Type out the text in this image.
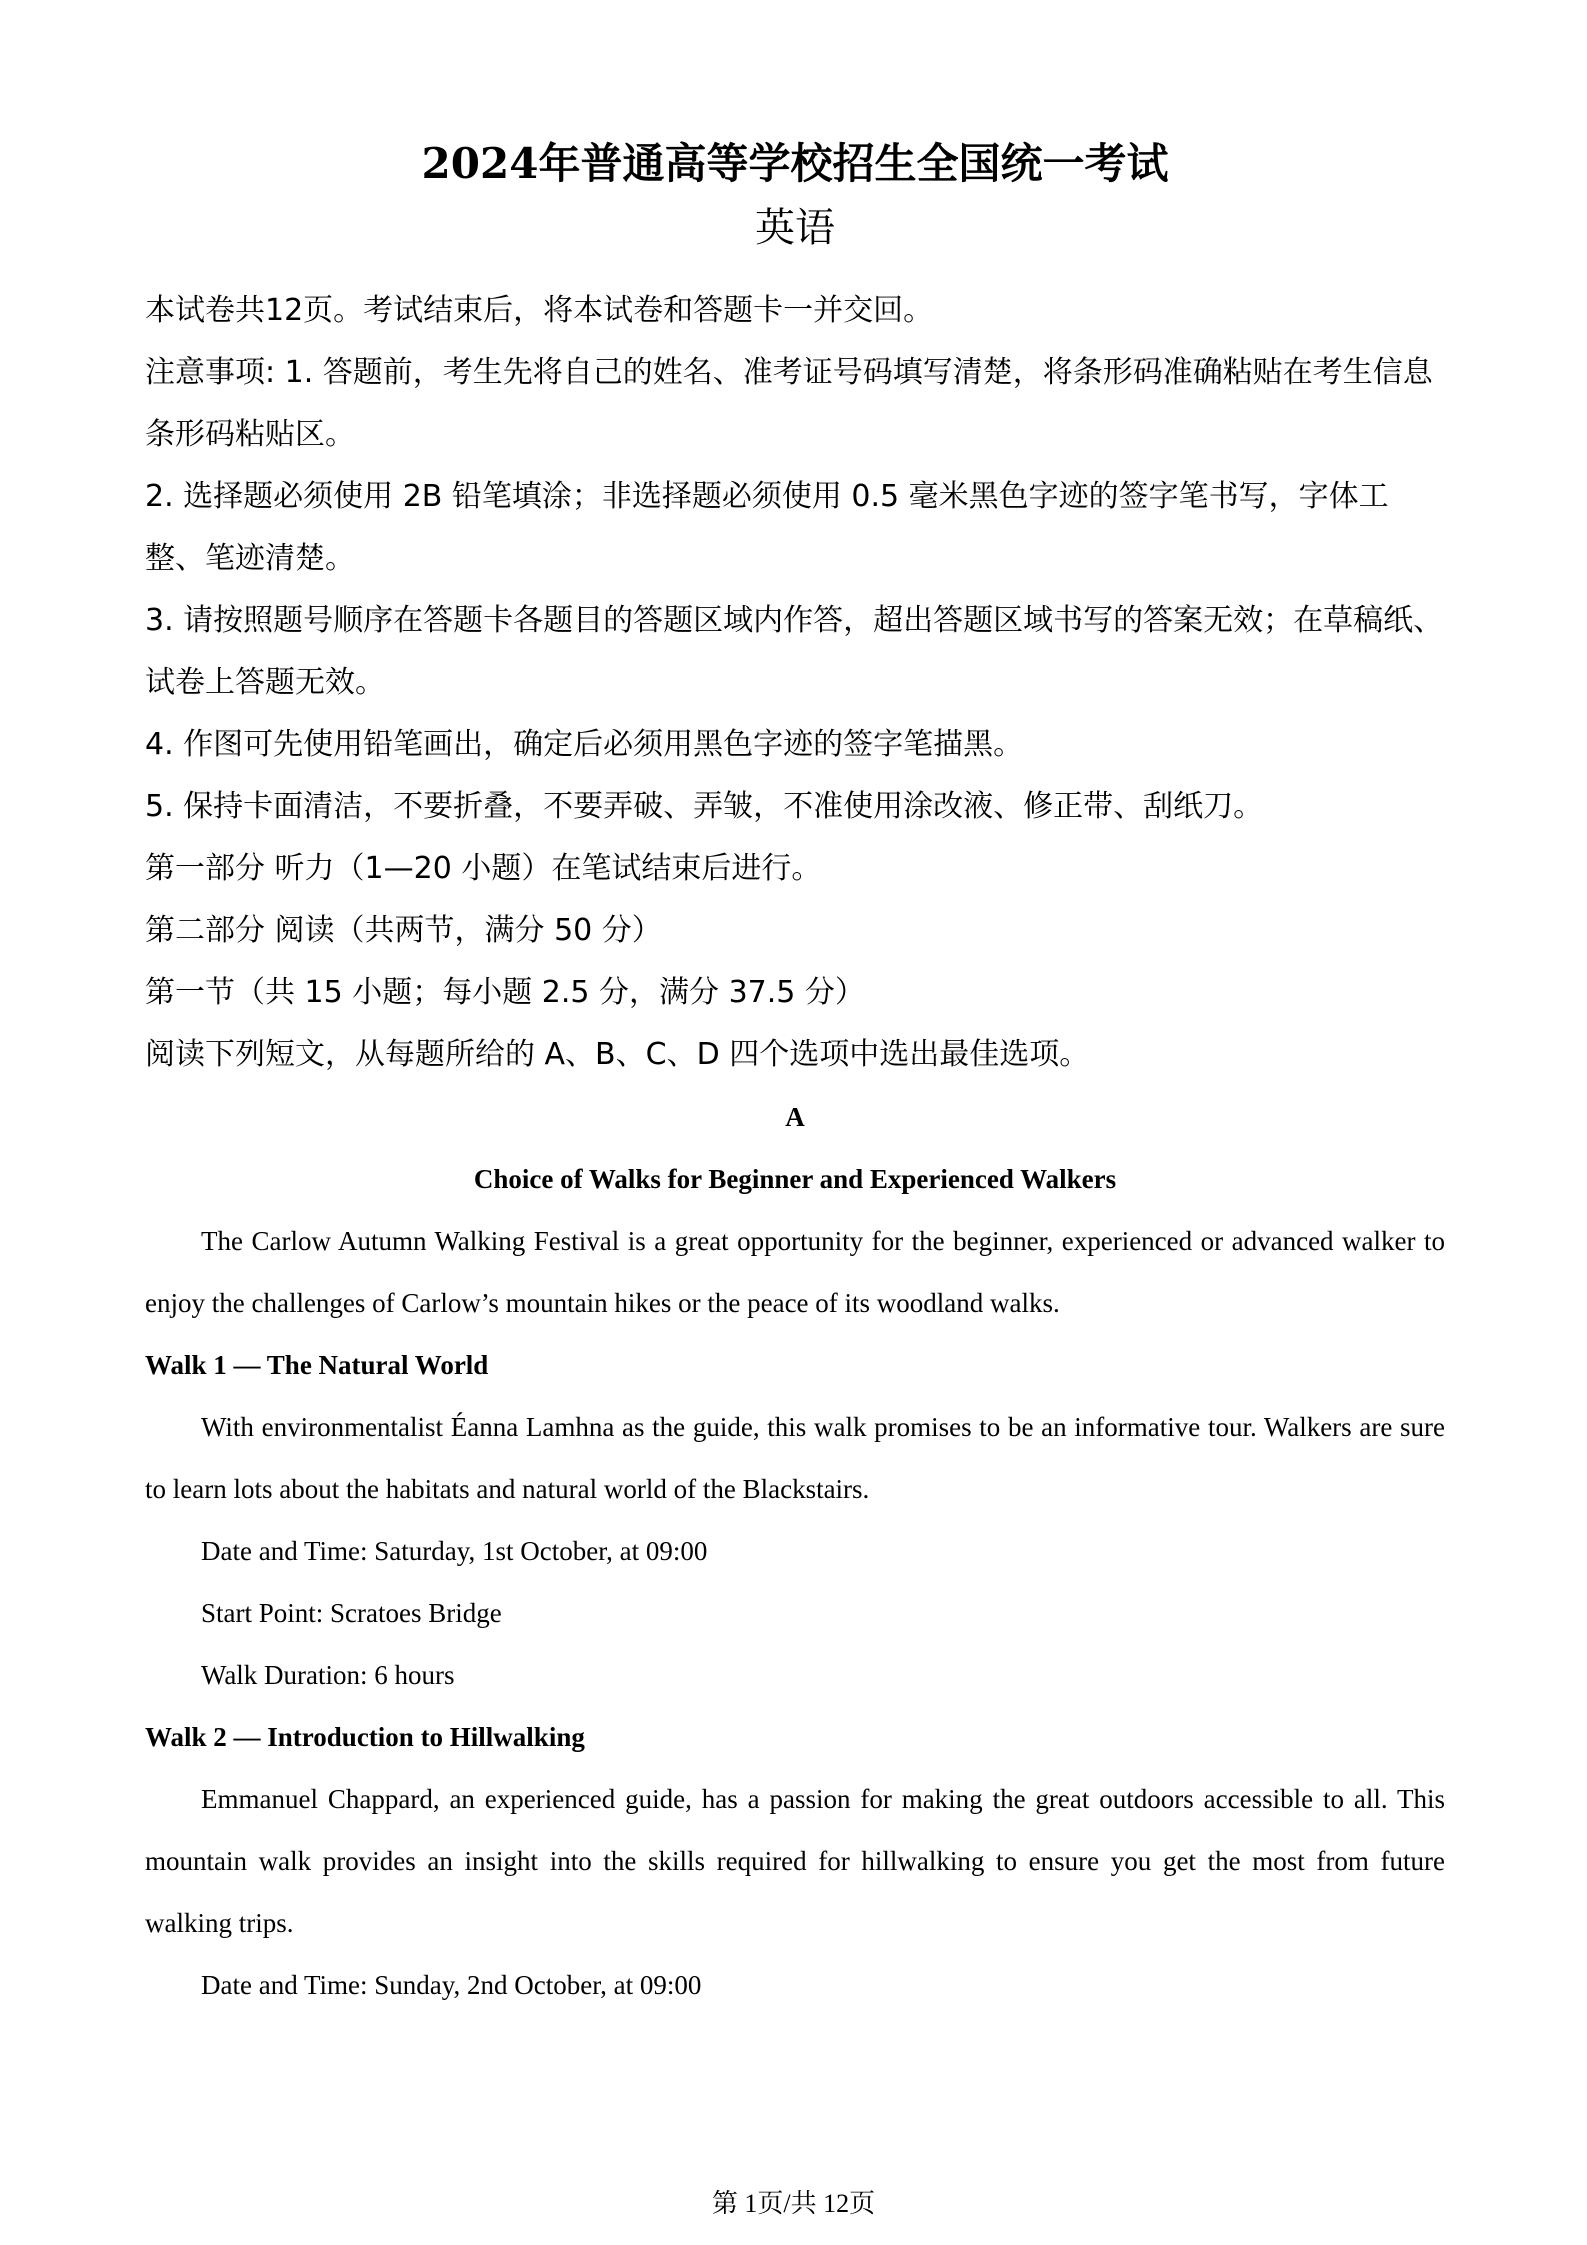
2024年普通高等学校招生全国统一考试

英语

本试卷共12页。考试结束后，将本试卷和答题卡一并交回。

注意事项: 1. 答题前，考生先将自己的姓名、准考证号码填写清楚，将条形码准确粘贴在考生信息条形码粘贴区。

2. 选择题必须使用 2B 铅笔填涂；非选择题必须使用 0.5 毫米黑色字迹的签字笔书写，字体工整、笔迹清楚。

3. 请按照题号顺序在答题卡各题目的答题区域内作答，超出答题区域书写的答案无效；在草稿纸、试卷上答题无效。

4. 作图可先使用铅笔画出，确定后必须用黑色字迹的签字笔描黑。

5. 保持卡面清洁，不要折叠，不要弄破、弄皱，不准使用涂改液、修正带、刮纸刀。

第一部分 听力（1—20 小题）在笔试结束后进行。

第二部分 阅读（共两节，满分 50 分）

第一节（共 15 小题；每小题 2.5 分，满分 37.5 分）

阅读下列短文，从每题所给的 A、B、C、D 四个选项中选出最佳选项。

A

Choice of Walks for Beginner and Experienced Walkers

The Carlow Autumn Walking Festival is a great opportunity for the beginner, experienced or advanced walker to enjoy the challenges of Carlow’s mountain hikes or the peace of its woodland walks.

Walk 1 — The Natural World

With environmentalist Éanna Lamhna as the guide, this walk promises to be an informative tour. Walkers are sure to learn lots about the habitats and natural world of the Blackstairs.

Date and Time: Saturday, 1st October, at 09:00

Start Point: Scratoes Bridge

Walk Duration: 6 hours

Walk 2 — Introduction to Hillwalking

Emmanuel Chappard, an experienced guide, has a passion for making the great outdoors accessible to all. This mountain walk provides an insight into the skills required for hillwalking to ensure you get the most from future walking trips.

Date and Time: Sunday, 2nd October, at 09:00

第 1页/共 12页
